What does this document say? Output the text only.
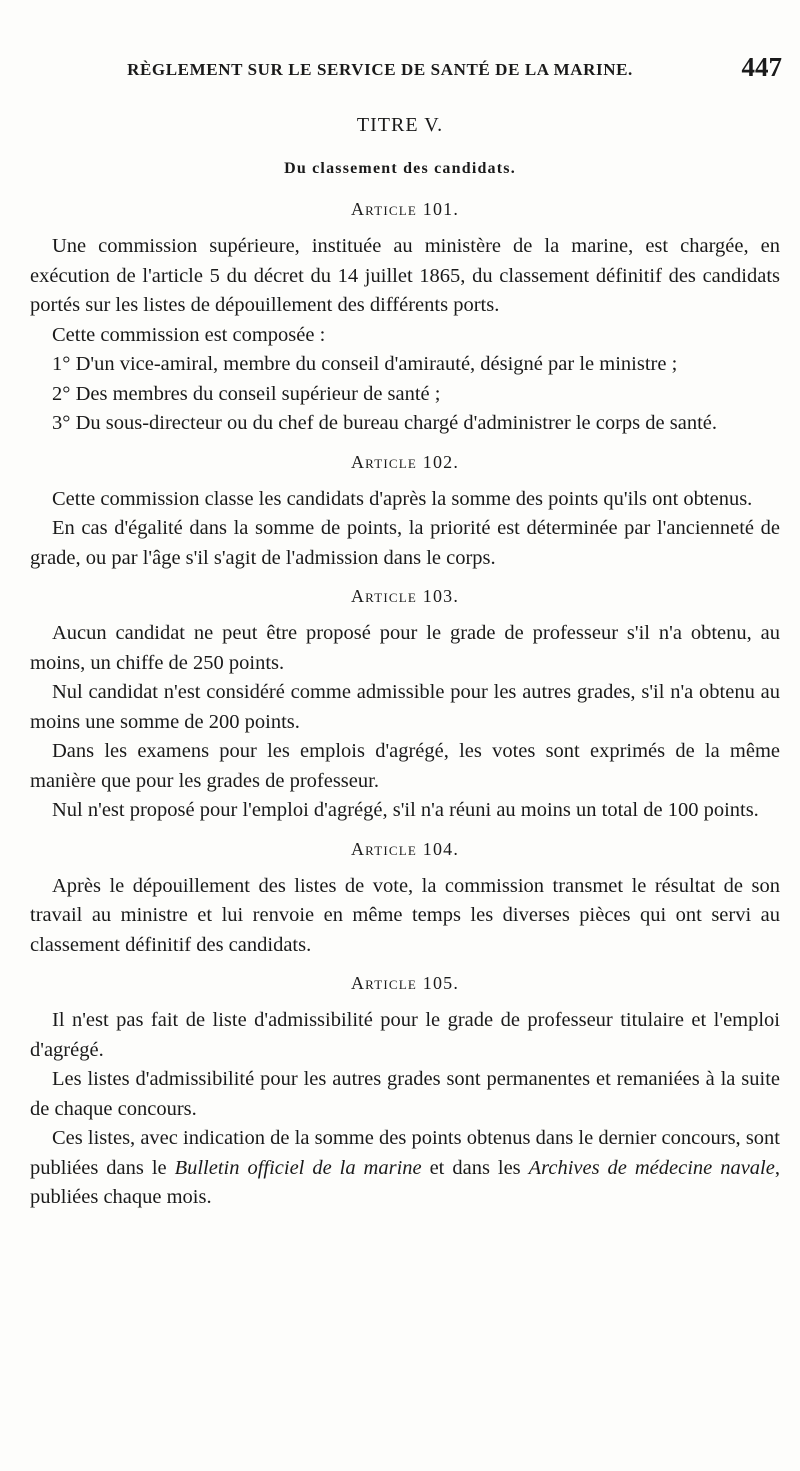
RÈGLEMENT SUR LE SERVICE DE SANTÉ DE LA MARINE.	447
TITRE V.
Du classement des candidats.
Article 101.

Une commission supérieure, instituée au ministère de la marine, est chargée, en exécution de l'article 5 du décret du 14 juillet 1865, du classement définitif des candidats portés sur les listes de dépouillement des différents ports.

Cette commission est composée :

1° D'un vice-amiral, membre du conseil d'amirauté, désigné par le ministre ;

2° Des membres du conseil supérieur de santé ;

3° Du sous-directeur ou du chef de bureau chargé d'administrer le corps de santé.

Article 102.

Cette commission classe les candidats d'après la somme des points qu'ils ont obtenus.

En cas d'égalité dans la somme de points, la priorité est déterminée par l'ancienneté de grade, ou par l'âge s'il s'agit de l'admission dans le corps.

Article 103.

Aucun candidat ne peut être proposé pour le grade de professeur s'il n'a obtenu, au moins, un chiffe de 250 points.

Nul candidat n'est considéré comme admissible pour les autres grades, s'il n'a obtenu au moins une somme de 200 points.

Dans les examens pour les emplois d'agrégé, les votes sont exprimés de la même manière que pour les grades de professeur.

Nul n'est proposé pour l'emploi d'agrégé, s'il n'a réuni au moins un total de 100 points.

Article 104.

Après le dépouillement des listes de vote, la commission transmet le résultat de son travail au ministre et lui renvoie en même temps les diverses pièces qui ont servi au classement définitif des candidats.

Article 105.

Il n'est pas fait de liste d'admissibilité pour le grade de professeur titulaire et l'emploi d'agrégé.

Les listes d'admissibilité pour les autres grades sont permanentes et remaniées à la suite de chaque concours.

Ces listes, avec indication de la somme des points obtenus dans le dernier concours, sont publiées dans le Bulletin officiel de la marine et dans les Archives de médecine navale, publiées chaque mois.
